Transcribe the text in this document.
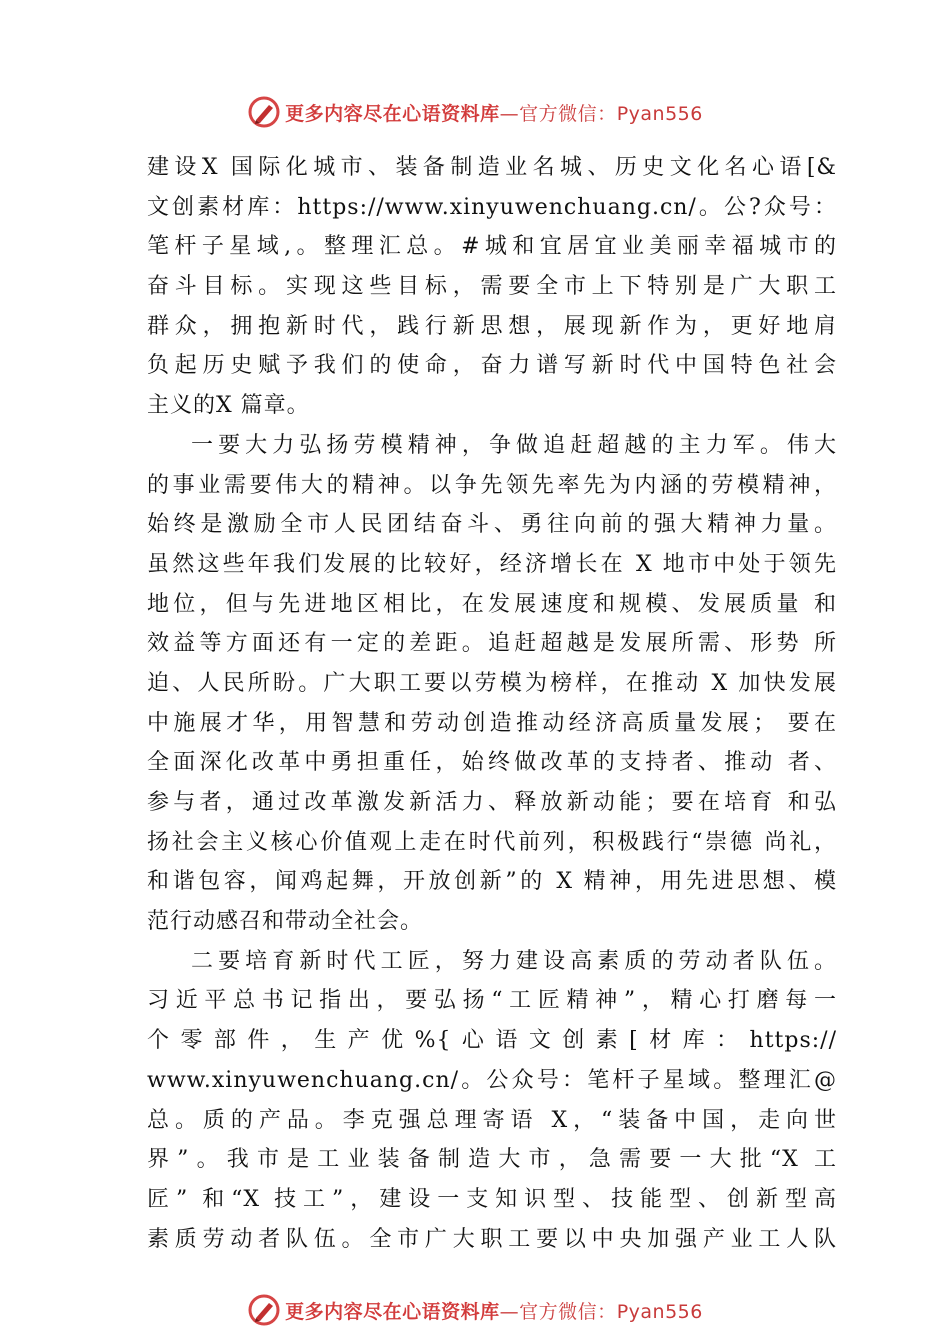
更多内容尽在心语资料库—官方微信：Pyan556
建设X 国际化城市、装备制造业名城、历史文化名心语[&
文创素材库：https://www.xinyuwenchuang.cn/。公?众号：
笔杆子星域,。整理汇总。#城和宜居宜业美丽幸福城市的
奋斗目标。实现这些目标，需要全市上下特别是广大职工
群众，拥抱新时代，践行新思想，展现新作为，更好地肩
负起历史赋予我们的使命，奋力谱写新时代中国特色社会
主义的X 篇章。
一要大力弘扬劳模精神，争做追赶超越的主力军。伟大
的事业需要伟大的精神。以争先领先率先为内涵的劳模精神，
始终是激励全市人民团结奋斗、勇往向前的强大精神力量。
虽然这些年我们发展的比较好，经济增长在 X 地市中处于领先
地位，但与先进地区相比，在发展速度和规模、发展质量 和
效益等方面还有一定的差距。追赶超越是发展所需、形势 所
迫、人民所盼。广大职工要以劳模为榜样，在推动 X 加快发展
中施展才华，用智慧和劳动创造推动经济高质量发展； 要在
全面深化改革中勇担重任，始终做改革的支持者、推动 者、
参与者，通过改革激发新活力、释放新动能；要在培育 和弘
扬社会主义核心价值观上走在时代前列，积极践行“崇德 尚礼，
和谐包容，闻鸡起舞，开放创新”的 X 精神，用先进思想、模
范行动感召和带动全社会。
二要培育新时代工匠，努力建设高素质的劳动者队伍。
习近平总书记指出，要弘扬“工匠精神”，精心打磨每一
个零部件，生产优%{心语文创素[材库：https://
www.xinyuwenchuang.cn/。公众号：笔杆子星域。整理汇@
总。质的产品。李克强总理寄语 X，“装备中国，走向世
界”。我市是工业装备制造大市，急需要一大批“X 工
匠” 和“X 技工”，建设一支知识型、技能型、创新型高
素质劳动者队伍。全市广大职工要以中央加强产业工人队
更多内容尽在心语资料库—官方微信：Pyan556
